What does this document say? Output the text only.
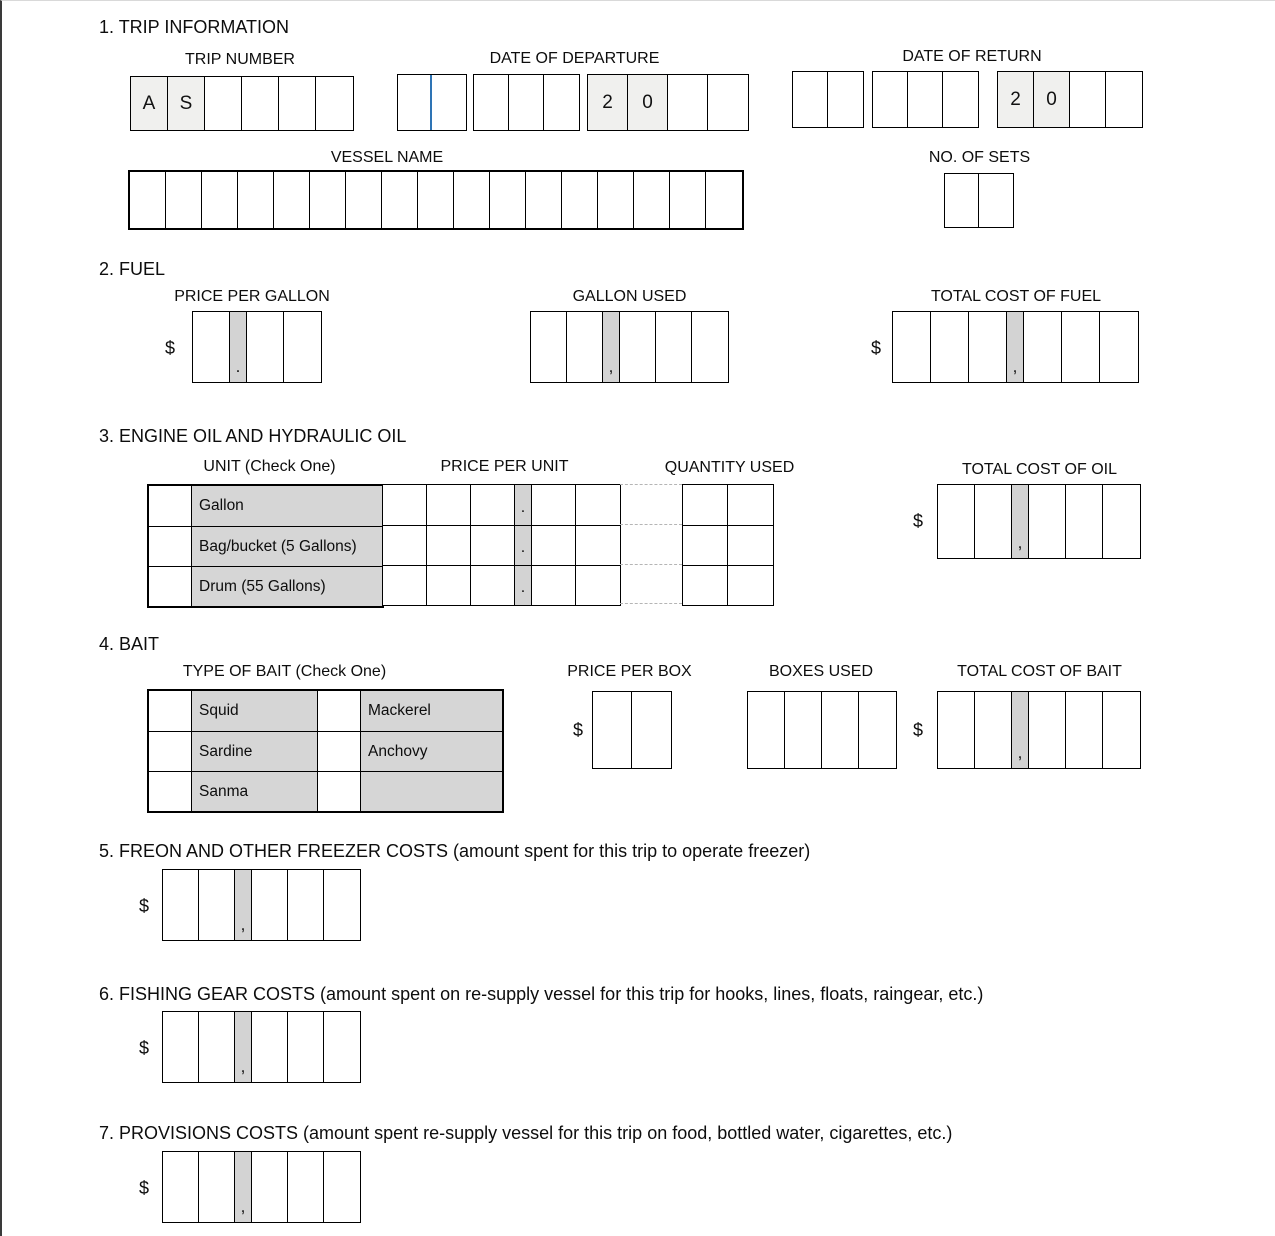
1. TRIP INFORMATION
TRIP NUMBER
A	S
DATE OF DEPARTURE
2	0
DATE OF RETURN
2	0
VESSEL NAME	NO. OF SETS
2. FUEL
PRICE PER GALLON
$
.
GALLON USED
,
TOTAL COST OF FUEL
$
,
3. ENGINE OIL AND HYDRAULIC OIL
UNIT (Check One)	PRICE PER UNIT	QUANTITY USED	TOTAL COST OF OIL
Gallon
Bag/bucket (5 Gallons)
Drum (55 Gallons)
.
.
.
$
,
4. BAIT
TYPE OF BAIT (Check One)
Squid	Mackerel
Sardine	Anchovy
Sanma
PRICE PER BOX
$
BOXES USED	TOTAL COST OF BAIT
$
,
5. FREON AND OTHER FREEZER COSTS (amount spent for this trip to operate freezer)
$
,
6. FISHING GEAR COSTS (amount spent on re-supply vessel for this trip for hooks, lines, floats, raingear, etc.)
$
,
7. PROVISIONS COSTS (amount spent re-supply vessel for this trip on food, bottled water, cigarettes, etc.)
$
,
